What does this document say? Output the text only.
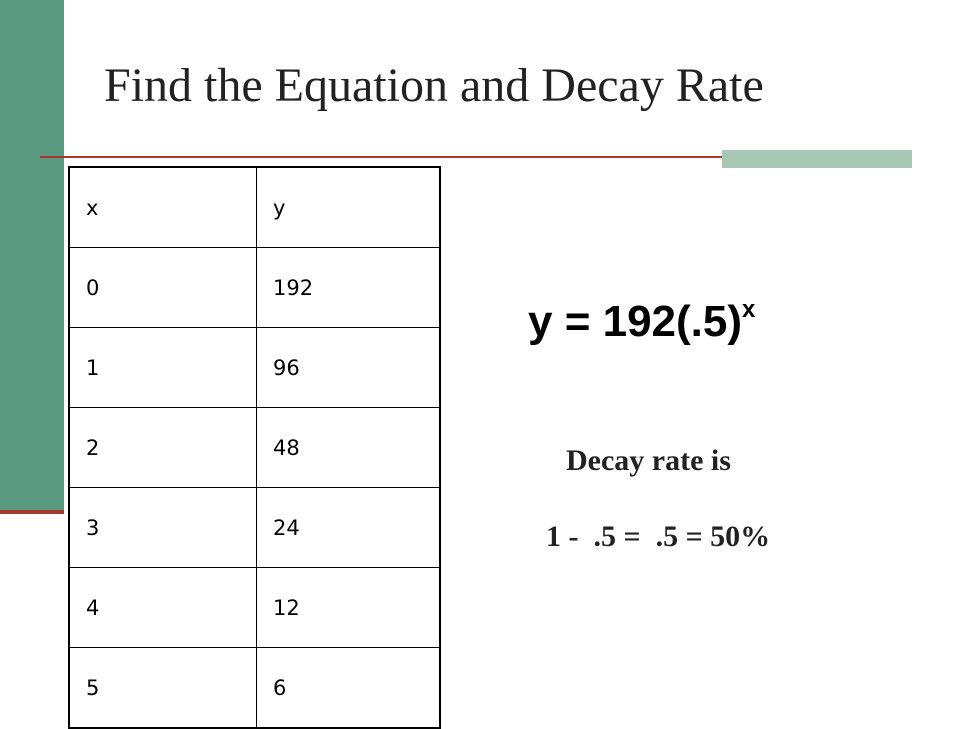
Find the Equation and Decay Rate
x	y
0	192
1	96
2	48
3	24
4	12
5	6
$y = 192(.5)^x$
Decay rate is
1 -  .5 =  .5 = 50%
